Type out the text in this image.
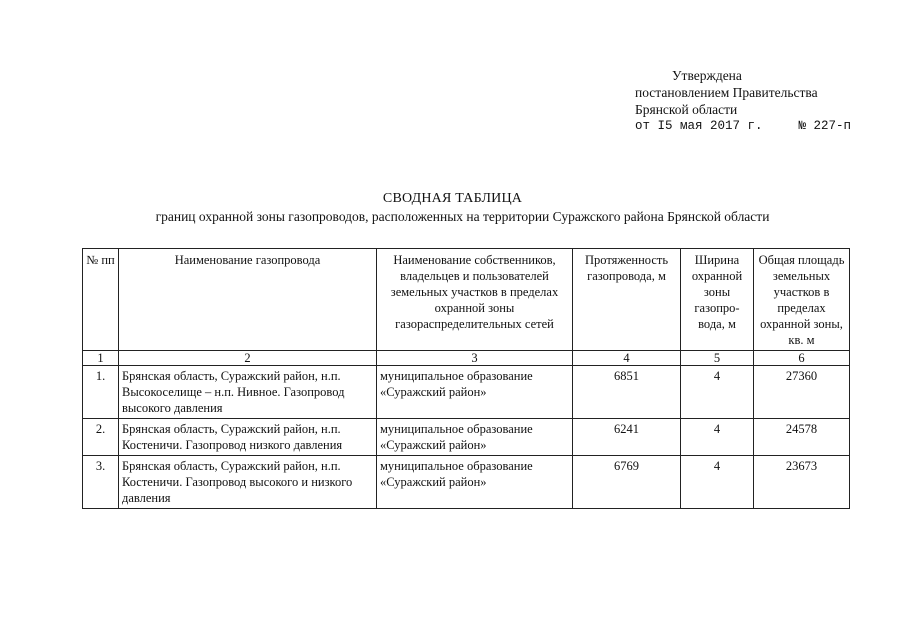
Утверждена
постановлением Правительства
Брянской области
от I5 мая 2017 г.	№ 227-п
СВОДНАЯ ТАБЛИЦА
границ охранной зоны газопроводов, расположенных на территории Суражского района Брянской области
№ пп	Наименование газопровода	Наименование собственников, владельцев и пользователей земельных участков в пределах охранной зоны газораспределительных сетей	Протяженность газопровода, м	Ширина охранной зоны газопро-вода, м	Общая площадь земельных участков в пределах охранной зоны, кв. м
1	2	3	4	5	6
1.	Брянская область, Суражский район, н.п. Высокоселище – н.п. Нивное. Газопровод высокого давления	муниципальное образование «Суражский район»	6851	4	27360
2.	Брянская область, Суражский район, н.п. Костеничи. Газопровод низкого давления	муниципальное образование «Суражский район»	6241	4	24578
3.	Брянская область, Суражский район, н.п. Костеничи. Газопровод высокого и низкого давления	муниципальное образование «Суражский район»	6769	4	23673
